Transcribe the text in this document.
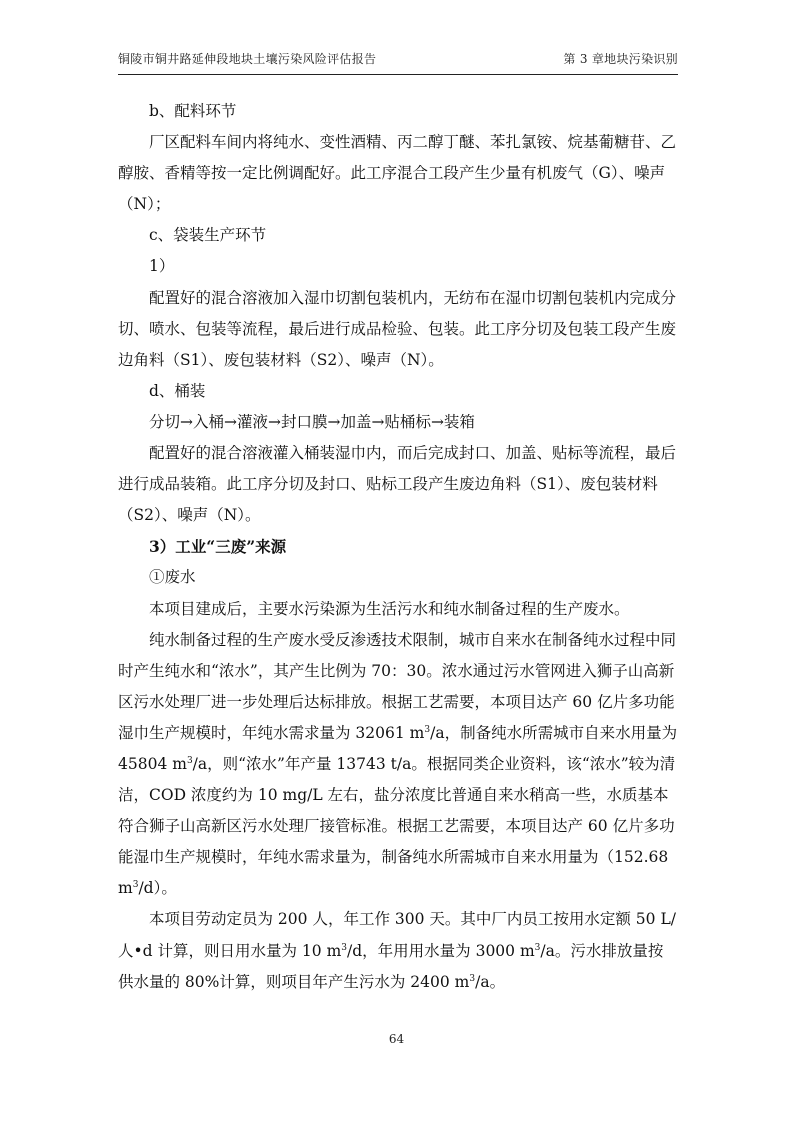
铜陵市铜井路延伸段地块土壤污染风险评估报告	第 3 章地块污染识别

b、配料环节

厂区配料车间内将纯水、变性酒精、丙二醇丁醚、苯扎氯铵、烷基葡糖苷、乙醇胺、香精等按一定比例调配好。此工序混合工段产生少量有机废气（G）、噪声（N）；

c、袋装生产环节

1）

配置好的混合溶液加入湿巾切割包装机内，无纺布在湿巾切割包装机内完成分切、喷水、包装等流程，最后进行成品检验、包装。此工序分切及包装工段产生废边角料（S1）、废包装材料（S2）、噪声（N）。

d、桶装

分切→入桶→灌液→封口膜→加盖→贴桶标→装箱

配置好的混合溶液灌入桶装湿巾内，而后完成封口、加盖、贴标等流程，最后进行成品装箱。此工序分切及封口、贴标工段产生废边角料（S1）、废包装材料（S2）、噪声（N）。

3）工业“三废”来源

①废水

本项目建成后，主要水污染源为生活污水和纯水制备过程的生产废水。

纯水制备过程的生产废水受反渗透技术限制，城市自来水在制备纯水过程中同时产生纯水和“浓水”，其产生比例为 70：30。浓水通过污水管网进入狮子山高新区污水处理厂进一步处理后达标排放。根据工艺需要，本项目达产 60 亿片多功能湿巾生产规模时，年纯水需求量为 32061 $m^3/a$，制备纯水所需城市自来水用量为 45804 $m^3/a$，则“浓水”年产量 13743 t/a。根据同类企业资料，该“浓水”较为清洁，COD 浓度约为 10 mg/L 左右，盐分浓度比普通自来水稍高一些，水质基本符合狮子山高新区污水处理厂接管标准。根据工艺需要，本项目达产 60 亿片多功能湿巾生产规模时，年纯水需求量为，制备纯水所需城市自来水用量为（152.68 $m^3/d$）。

本项目劳动定员为 200 人，年工作 300 天。其中厂内员工按用水定额 50 L/人•d 计算，则日用水量为 10 $m^3/d$，年用用水量为 3000 $m^3/a$。污水排放量按供水量的 80%计算，则项目年产生污水为 2400 $m^3/a$。

64
